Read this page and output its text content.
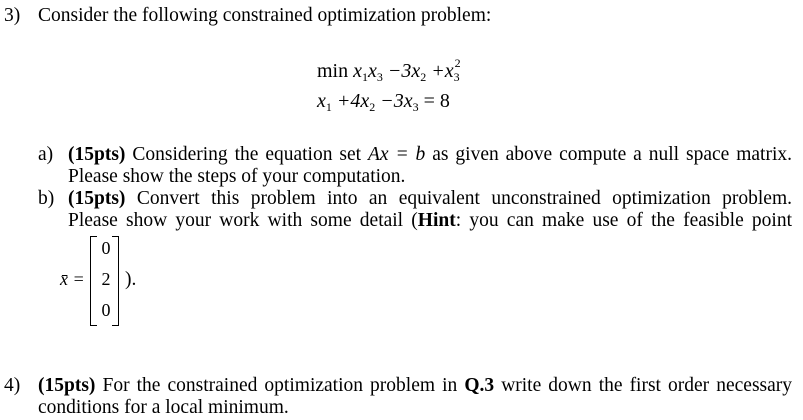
3) Consider the following constrained optimization problem:
$\min x_1x_3 -3x_2 +x_3^2$
$x_1 +4x_2 -3x_3 = 8$
a) (15pts) Considering the equation set Ax = b as given above compute a null space matrix.
Please show the steps of your computation.
b) (15pts) Convert this problem into an equivalent unconstrained optimization problem.
Please show your work with some detail (Hint: you can make use of the feasible point
x̄ =
0
2
0
).
4) (15pts) For the constrained optimization problem in Q.3 write down the first order necessary
conditions for a local minimum.
